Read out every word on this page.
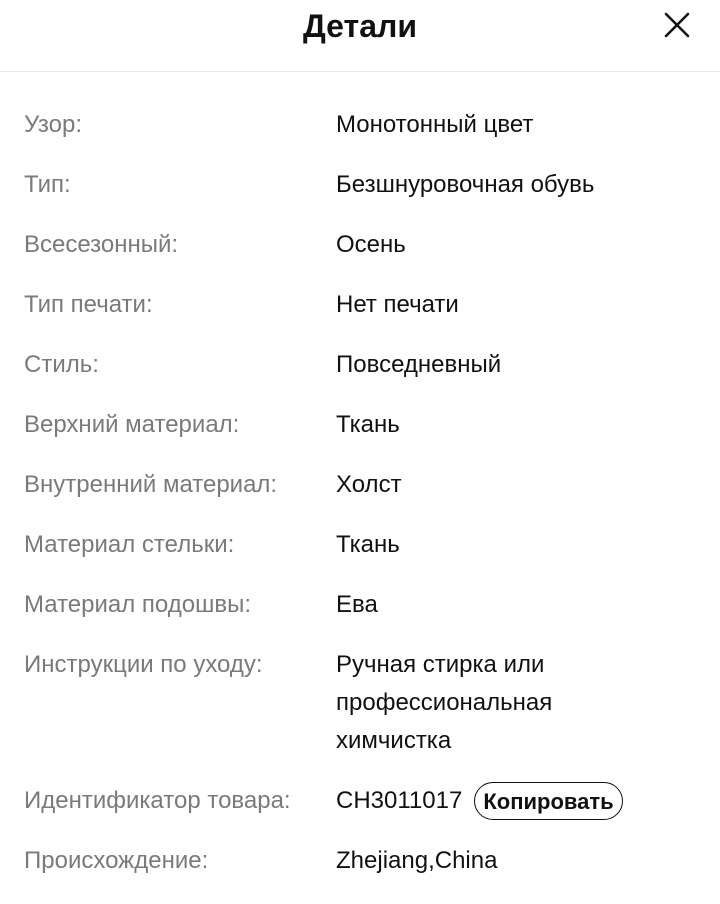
Детали
Узор:	Монотонный цвет
Тип:	Безшнуровочная обувь
Всесезонный:	Осень
Тип печати:	Нет печати
Стиль:	Повседневный
Верхний материал:	Ткань
Внутренний материал:	Холст
Материал стельки:	Ткань
Материал подошвы:	Ева
Инструкции по уходу:	Ручная стирка или профессиональная химчистка
Идентификатор товара:	CH3011017 Копировать
Происхождение:	Zhejiang,China
